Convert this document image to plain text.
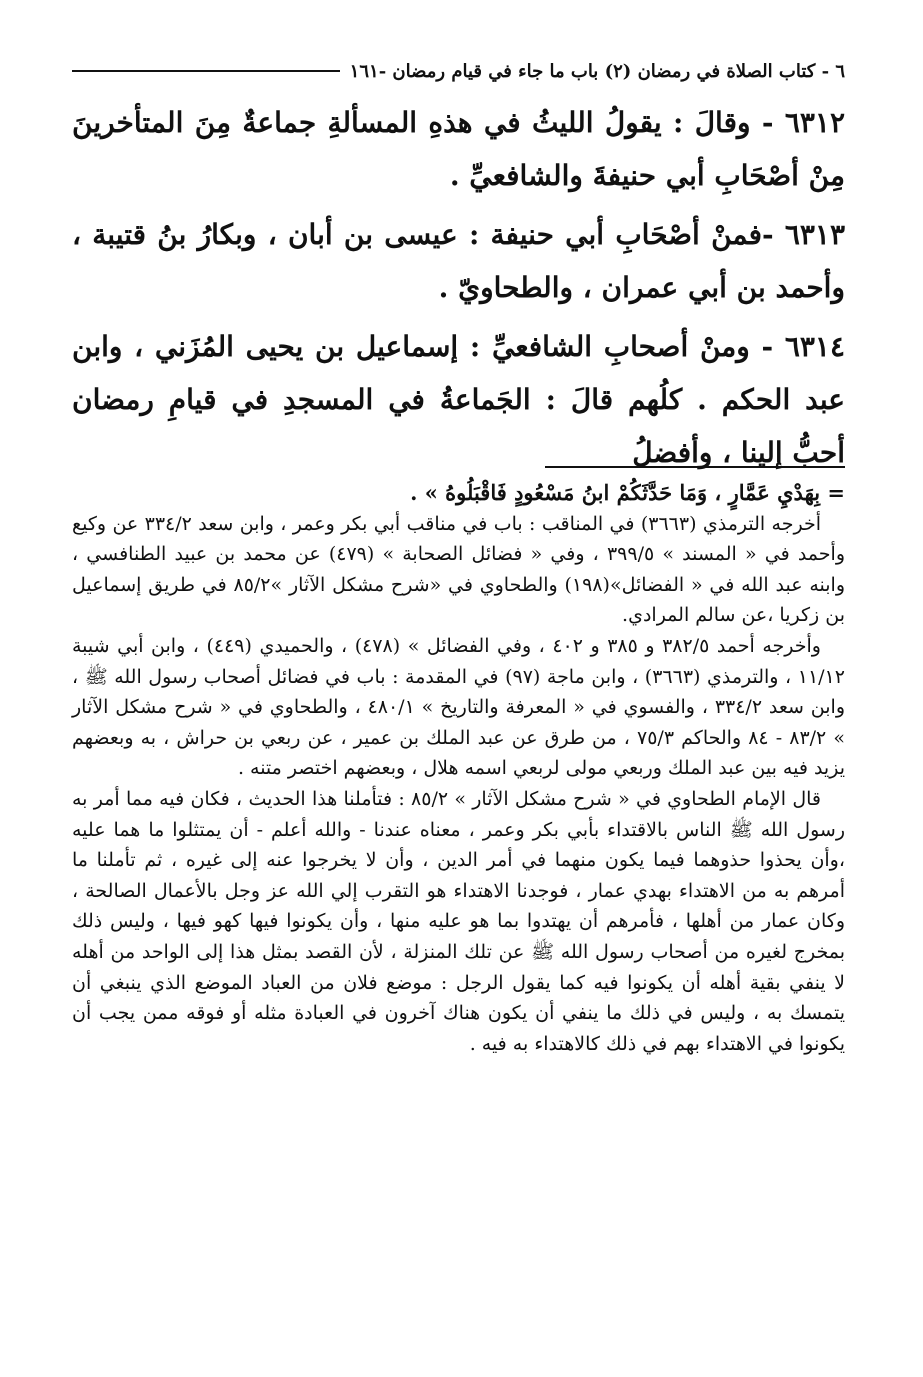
٦ - كتاب الصلاة في رمضان (٢) باب ما جاء في قيام رمضان -١٦١

٦٣١٢ - وقالَ : يقولُ الليثُ في هذهِ المسألةِ جماعةٌ مِنَ المتأخرينَ مِنْ أصْحَابِ أبي حنيفةَ والشافعيِّ .

٦٣١٣ -فمنْ أصْحَابِ أبي حنيفة : عيسى بن أبان ، وبكارُ بنُ قتيبة ، وأحمد بن أبي عمران ، والطحاويّ .

٦٣١٤ - ومنْ أصحابِ الشافعيِّ : إسماعيل بن يحيى المُزَني ، وابن عبد الحكم . كلُهم قالَ : الجَماعةُ في المسجدِ في قيامِ رمضان أحبُّ إلينا ، وأفضلُ

= بِهَدْيِ عَمَّارٍ ، وَمَا حَدَّثَكُمْ ابنُ مَسْعُودٍ فَاقْبَلُوهُ » .

أخرجه الترمذي (٣٦٦٣) في المناقب : باب في مناقب أبي بكر وعمر ، وابن سعد ٣٣٤/٢ عن وكيع وأحمد في « المسند » ٣٩٩/٥ ، وفي « فضائل الصحابة » (٤٧٩) عن محمد بن عبيد الطنافسي ، وابنه عبد الله في « الفضائل»(١٩٨) والطحاوي في «شرح مشكل الآثار »٨٥/٢ في طريق إسماعيل بن زكريا ،عن سالم المرادي.

وأخرجه أحمد ٣٨٢/٥ و ٣٨٥ و ٤٠٢ ، وفي الفضائل » (٤٧٨) ، والحميدي (٤٤٩) ، وابن أبي شيبة ١١/١٢ ، والترمذي (٣٦٦٣) ، وابن ماجة (٩٧) في المقدمة : باب في فضائل أصحاب رسول الله ﷺ ، وابن سعد ٣٣٤/٢ ، والفسوي في « المعرفة والتاريخ » ٤٨٠/١ ، والطحاوي في « شرح مشكل الآثار » ٨٣/٢ - ٨٤ والحاكم ٧٥/٣ ، من طرق عن عبد الملك بن عمير ، عن ربعي بن حراش ، به وبعضهم يزيد فيه بين عبد الملك وربعي مولى لربعي اسمه هلال ، وبعضهم اختصر متنه .

قال الإمام الطحاوي في « شرح مشكل الآثار » ٨٥/٢ : فتأملنا هذا الحديث ، فكان فيه مما أمر به رسول الله ﷺ الناس بالاقتداء بأبي بكر وعمر ، معناه عندنا - والله أعلم - أن يمتثلوا ما هما عليه ،وأن يحذوا حذوهما فيما يكون منهما في أمر الدين ، وأن لا يخرجوا عنه إلى غيره ، ثم تأملنا ما أمرهم به من الاهتداء بهدي عمار ، فوجدنا الاهتداء هو التقرب إلي الله عز وجل بالأعمال الصالحة ، وكان عمار من أهلها ، فأمرهم أن يهتدوا بما هو عليه منها ، وأن يكونوا فيها كهو فيها ، وليس ذلك بمخرج لغيره من أصحاب رسول الله ﷺ عن تلك المنزلة ، لأن القصد بمثل هذا إلى الواحد من أهله لا ينفي بقية أهله أن يكونوا فيه كما يقول الرجل : موضع فلان من العباد الموضع الذي ينبغي أن يتمسك به ، وليس في ذلك ما ينفي أن يكون هناك آخرون في العبادة مثله أو فوقه ممن يجب أن يكونوا في الاهتداء بهم في ذلك كالاهتداء به فيه .
